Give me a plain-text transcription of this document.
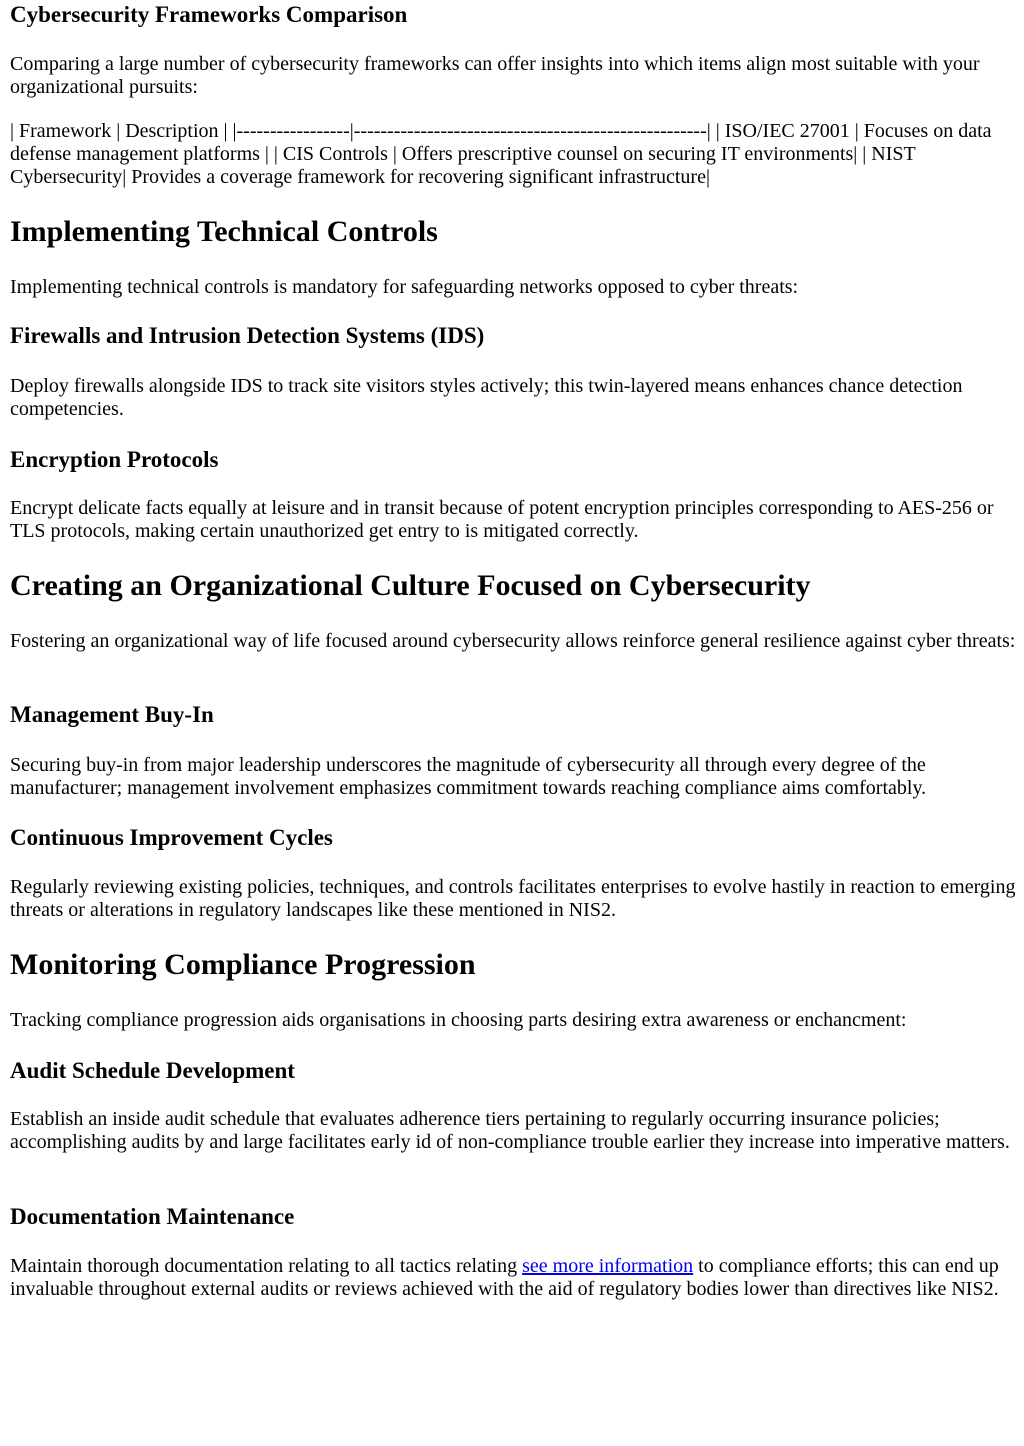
Cybersecurity Frameworks Comparison
Comparing a large number of cybersecurity frameworks can offer insights into which items align most suitable with your organizational pursuits:
| Framework | Description | |-----------------|-----------------------------------------------------| | ISO/IEC 27001 | Focuses on data defense management platforms | | CIS Controls | Offers prescriptive counsel on securing IT environments| | NIST Cybersecurity| Provides a coverage framework for recovering significant infrastructure|
Implementing Technical Controls
Implementing technical controls is mandatory for safeguarding networks opposed to cyber threats:
Firewalls and Intrusion Detection Systems (IDS)
Deploy firewalls alongside IDS to track site visitors styles actively; this twin-layered means enhances chance detection competencies.
Encryption Protocols
Encrypt delicate facts equally at leisure and in transit because of potent encryption principles corresponding to AES-256 or TLS protocols, making certain unauthorized get entry to is mitigated correctly.
Creating an Organizational Culture Focused on Cybersecurity
Fostering an organizational way of life focused around cybersecurity allows reinforce general resilience against cyber threats:
Management Buy-In
Securing buy-in from major leadership underscores the magnitude of cybersecurity all through every degree of the manufacturer; management involvement emphasizes commitment towards reaching compliance aims comfortably.
Continuous Improvement Cycles
Regularly reviewing existing policies, techniques, and controls facilitates enterprises to evolve hastily in reaction to emerging threats or alterations in regulatory landscapes like these mentioned in NIS2.
Monitoring Compliance Progression
Tracking compliance progression aids organisations in choosing parts desiring extra awareness or enchancment:
Audit Schedule Development
Establish an inside audit schedule that evaluates adherence tiers pertaining to regularly occurring insurance policies; accomplishing audits by and large facilitates early id of non-compliance trouble earlier they increase into imperative matters.
Documentation Maintenance
Maintain thorough documentation relating to all tactics relating see more information to compliance efforts; this can end up invaluable throughout external audits or reviews achieved with the aid of regulatory bodies lower than directives like NIS2.
